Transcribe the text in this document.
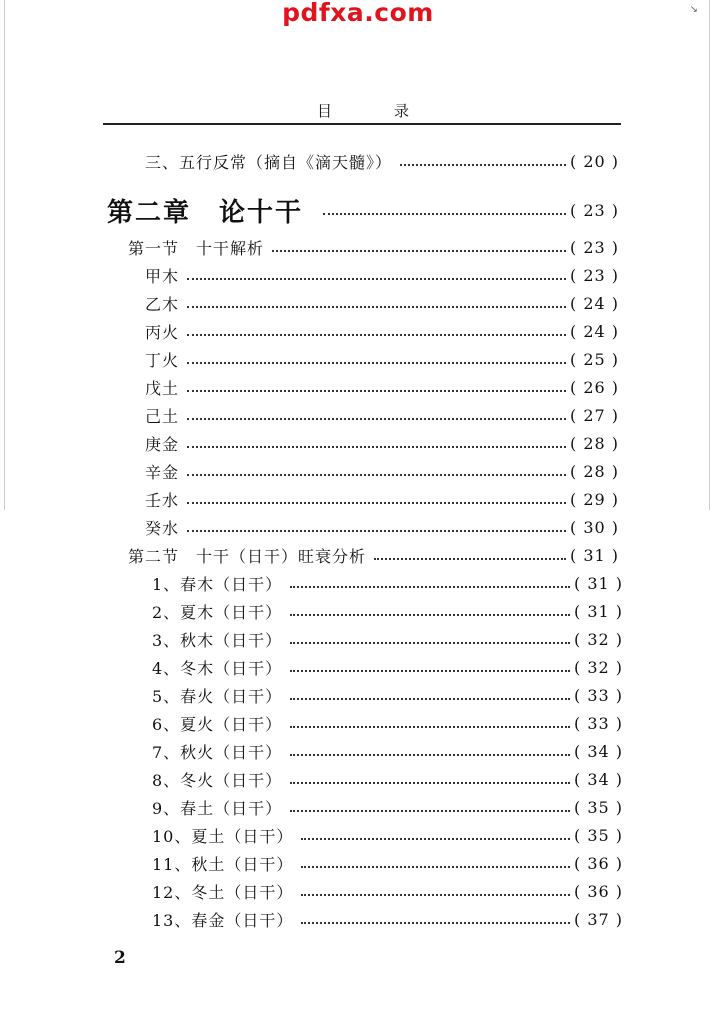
pdfxa.com	↘
目	录
三、五行反常（摘自《滴天髓》）	( 20 )
第二章　论十干	( 23 )
第一节　十干解析	( 23 )
甲木	( 23 )
乙木	( 24 )
丙火	( 24 )
丁火	( 25 )
戊土	( 26 )
己土	( 27 )
庚金	( 28 )
辛金	( 28 )
壬水	( 29 )
癸水	( 30 )
第二节　十干（日干）旺衰分析	( 31 )
1、春木（日干）	( 31 )
2、夏木（日干）	( 31 )
3、秋木（日干）	( 32 )
4、冬木（日干）	( 32 )
5、春火（日干）	( 33 )
6、夏火（日干）	( 33 )
7、秋火（日干）	( 34 )
8、冬火（日干）	( 34 )
9、春土（日干）	( 35 )
10、夏土（日干）	( 35 )
11、秋土（日干）	( 36 )
12、冬土（日干）	( 36 )
13、春金（日干）	( 37 )
2
